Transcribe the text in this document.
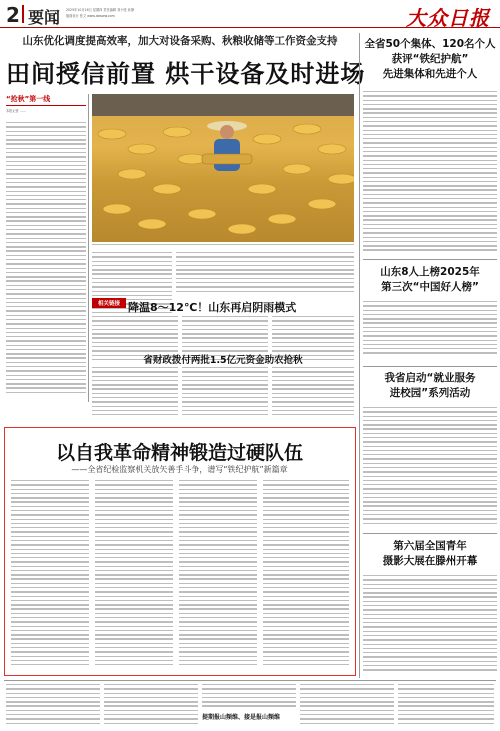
2 要闻 2025年10月16日 星期四 责任编辑 刘小张 孙静
版面设计 张文 www.dzwww.com	大众日报
山东优化调度提高效率，加大对设备采购、秋粮收储等工作资金支持
田间授信前置 烘干设备及时进场
“抢秋”第一线
本报记者 ……
相关链接 降温8～12℃！山东再启阴雨模式
省财政拨付两批1.5亿元资金助农抢秋
以自我革命精神锻造过硬队伍
——全省纪检监察机关放矢善手斗争，谱写“铁纪护航”新篇章
全省50个集体、120名个人
获评“铁纪护航”
先进集体和先进个人
山东8人上榜2025年
第三次“中国好人榜”
我省启动“就业服务
进校园”系列活动
第六届全国青年
摄影大展在滕州开幕
提期报山频维、接是报山频维
